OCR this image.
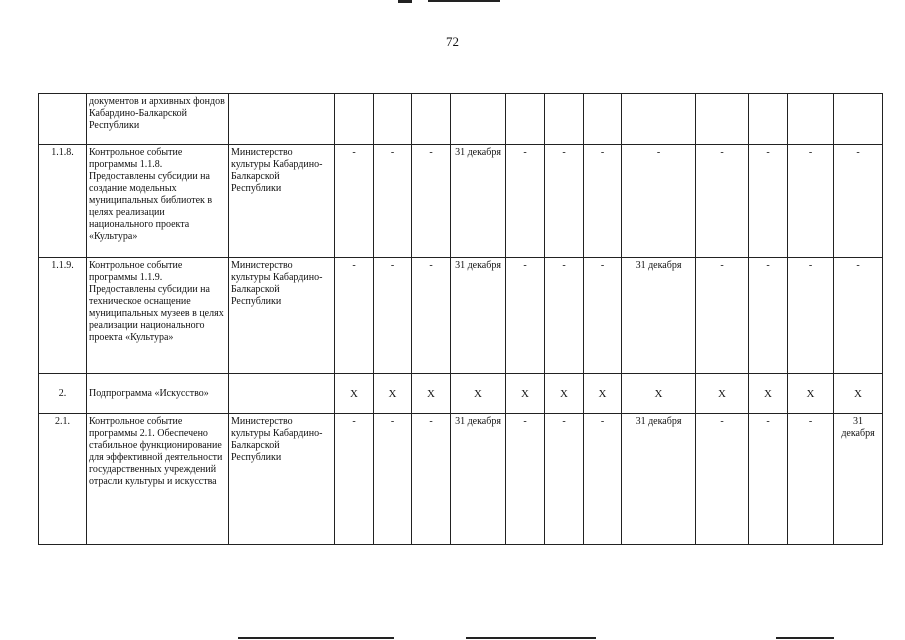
72
	документов и архивных фондов Кабардино-Балкарской Республики													
1.1.8.	Контрольное событие программы 1.1.8. Предоставлены субсидии на создание модельных муниципальных библиотек в целях реализации национального проекта «Культура»	Министерство культуры Кабардино-Балкарской Республики	-	-	-	31 декабря	-	-	-	-	-	-	-	-
1.1.9.	Контрольное событие программы 1.1.9. Предоставлены субсидии на техническое оснащение муниципальных музеев в целях реализации национального проекта «Культура»	Министерство культуры Кабардино-Балкарской Республики	-	-	-	31 декабря	-	-	-	31 декабря	-	-	-	-
2.	Подпрограмма «Искусство»		X	X	X	X	X	X	X	X	X	X	X	X
2.1.	Контрольное событие программы 2.1. Обеспечено стабильное функционирование для эффективной деятельности государственных учреждений отрасли культуры и искусства	Министерство культуры Кабардино-Балкарской Республики	-	-	-	31 декабря	-	-	-	31 декабря	-	-	-	31 декабря
